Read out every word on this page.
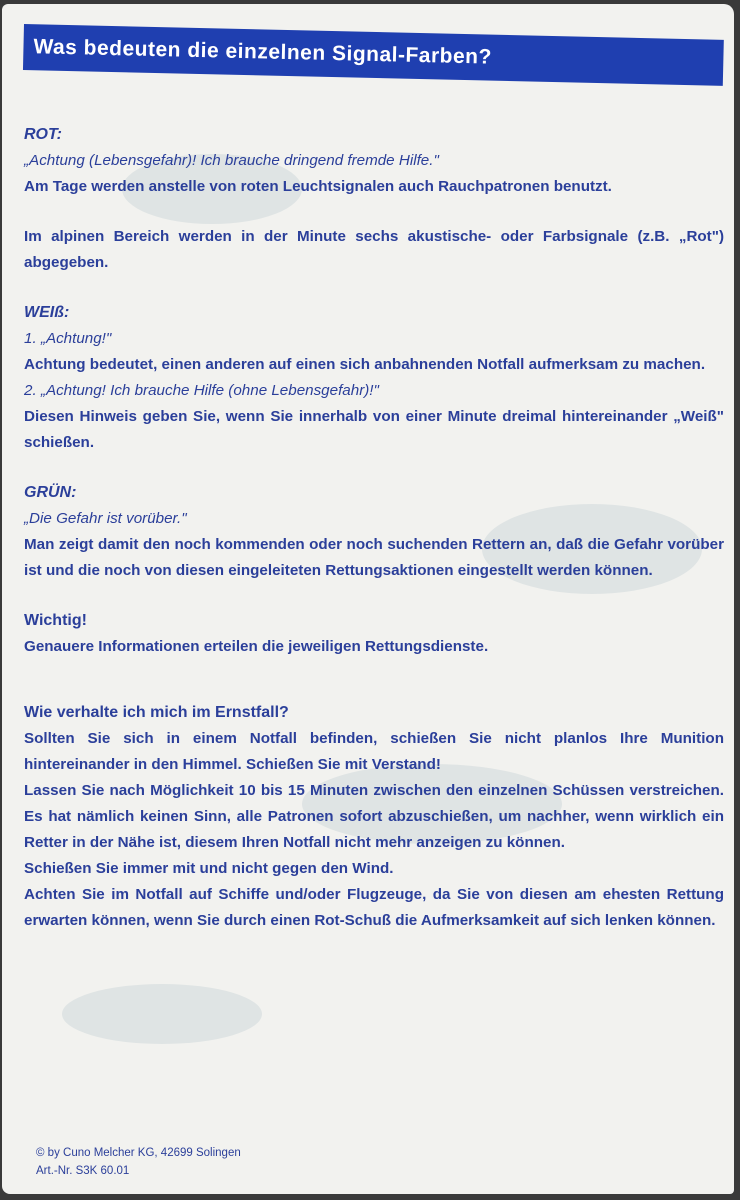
Was bedeuten die einzelnen Signal-Farben?

ROT:

„Achtung (Lebensgefahr)! Ich brauche dringend fremde Hilfe."

Am Tage werden anstelle von roten Leuchtsignalen auch Rauchpatronen benutzt.

Im alpinen Bereich werden in der Minute sechs akustische- oder Farbsignale (z.B. „Rot") abgegeben.

WEIß:

1. „Achtung!"

Achtung bedeutet, einen anderen auf einen sich anbahnenden Notfall aufmerksam zu machen.

2. „Achtung! Ich brauche Hilfe (ohne Lebensgefahr)!"

Diesen Hinweis geben Sie, wenn Sie innerhalb von einer Minute dreimal hintereinander „Weiß" schießen.

GRÜN:

„Die Gefahr ist vorüber."

Man zeigt damit den noch kommenden oder noch suchenden Rettern an, daß die Gefahr vorüber ist und die noch von diesen eingeleiteten Rettungsaktionen eingestellt werden können.

Wichtig!

Genauere Informationen erteilen die jeweiligen Rettungsdienste.

Wie verhalte ich mich im Ernstfall?

Sollten Sie sich in einem Notfall befinden, schießen Sie nicht planlos Ihre Munition hintereinander in den Himmel. Schießen Sie mit Verstand!

Lassen Sie nach Möglichkeit 10 bis 15 Minuten zwischen den einzelnen Schüssen verstreichen. Es hat nämlich keinen Sinn, alle Patronen sofort abzuschießen, um nachher, wenn wirklich ein Retter in der Nähe ist, diesem Ihren Notfall nicht mehr anzeigen zu können.

Schießen Sie immer mit und nicht gegen den Wind.

Achten Sie im Notfall auf Schiffe und/oder Flugzeuge, da Sie von diesen am ehesten Rettung erwarten können, wenn Sie durch einen Rot-Schuß die Aufmerksamkeit auf sich lenken können.

© by Cuno Melcher KG, 42699 Solingen

Art.-Nr. S3K 60.01
